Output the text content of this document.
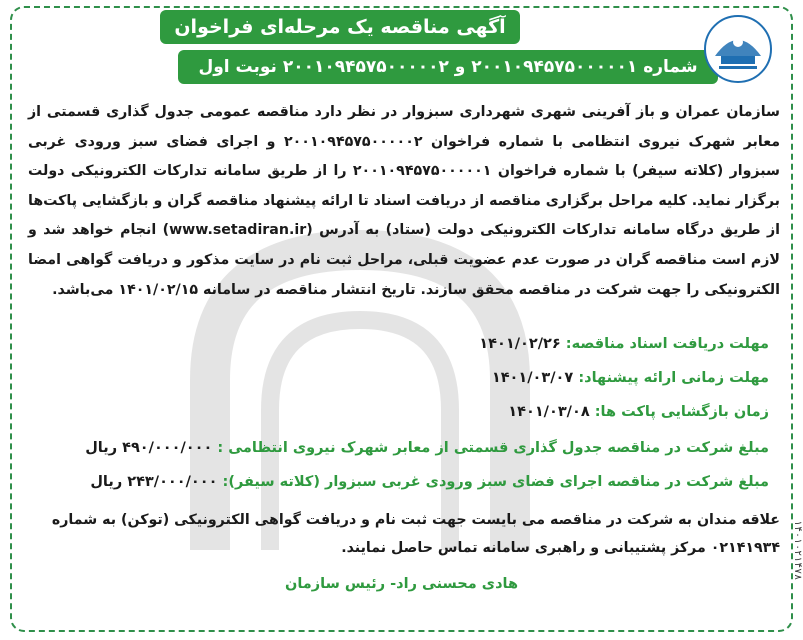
آگهی مناقصه یک مرحله‌ای فراخوان
شماره ۲۰۰۱۰۹۴۵۷۵۰۰۰۰۰۱ و ۲۰۰۱۰۹۴۵۷۵۰۰۰۰۰۲ نوبت اول

سازمان عمران و باز آفرینی شهری شهرداری سبزوار در نظر دارد مناقصه عمومی جدول گذاری قسمتی از معابر شهرک نیروی انتظامی با شماره فراخوان ۲۰۰۱۰۹۴۵۷۵۰۰۰۰۰۲ و اجرای فضای سبز ورودی غربی سبزوار (کلاته سیفر) با شماره فراخوان ۲۰۰۱۰۹۴۵۷۵۰۰۰۰۰۱ را از طریق سامانه تدارکات الکترونیکی دولت برگزار نماید. کلیه مراحل برگزاری مناقصه از دریافت اسناد تا ارائه پیشنهاد مناقصه گران و بازگشایی پاکت‌ها از طریق درگاه سامانه تدارکات الکترونیکی دولت (ستاد) به آدرس (www.setadiran.ir) انجام خواهد شد و لازم است مناقصه گران در صورت عدم عضویت قبلی، مراحل ثبت نام در سایت مذکور و دریافت گواهی امضا الکترونیکی را جهت شرکت در مناقصه محقق سازند. تاریخ انتشار مناقصه در سامانه ۱۴۰۱/۰۲/۱۵ می‌باشد.

مهلت دریافت اسناد مناقصه: ۱۴۰۱/۰۲/۲۶
مهلت زمانی ارائه پیشنهاد: ۱۴۰۱/۰۳/۰۷
زمان بازگشایی پاکت ها: ۱۴۰۱/۰۳/۰۸
مبلغ شرکت در مناقصه جدول گذاری قسمتی از معابر شهرک نیروی انتظامی : ۴۹۰/۰۰۰/۰۰۰ ریال
مبلغ شرکت در مناقصه اجرای فضای سبز ورودی غربی سبزوار (کلاته سیفر): ۲۴۳/۰۰۰/۰۰۰ ریال
علاقه مندان به شرکت در مناقصه می بایست جهت ثبت نام و دریافت گواهی الکترونیکی (توکن) به شماره ۰۲۱۴۱۹۳۴ مرکز پشتیبانی و راهبری سامانه تماس حاصل نمایند.
هادی محسنی راد- رئیس سازمان
۱۴۰۱۰۲۱۴۷۸
